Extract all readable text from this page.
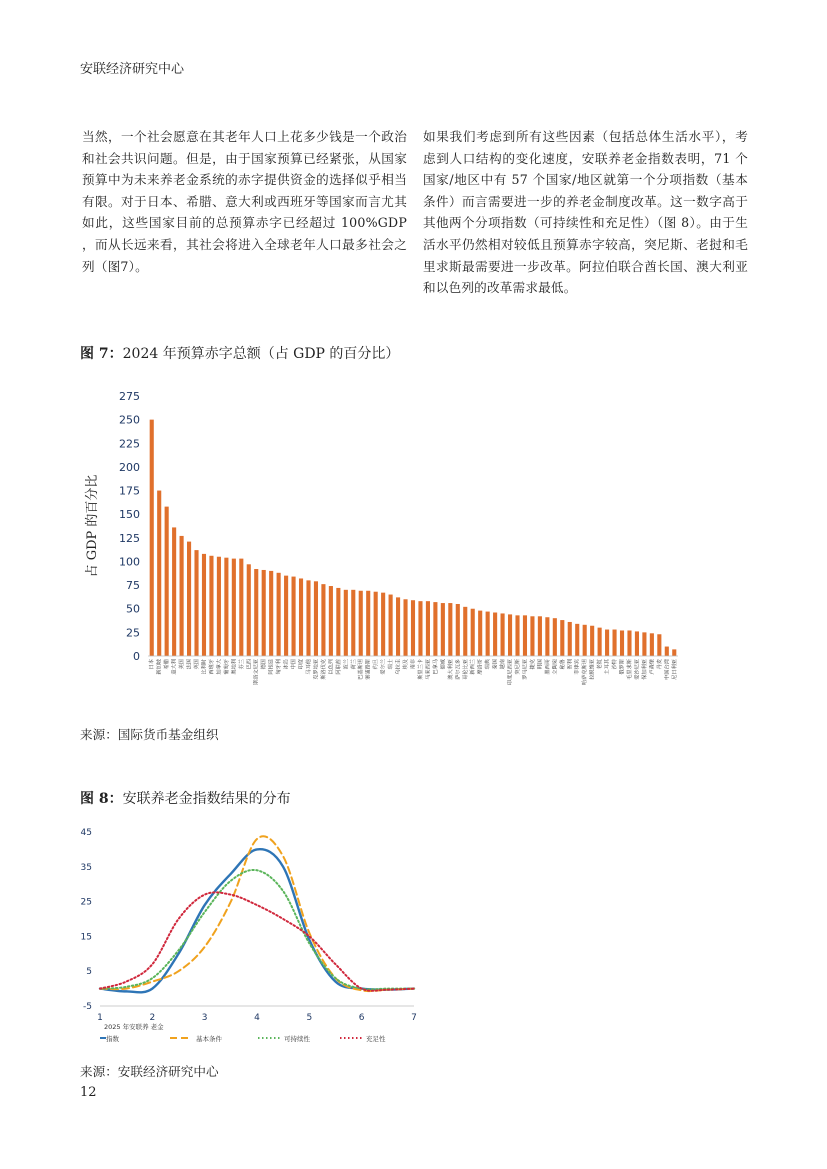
安联经济研究中心
当然，一个社会愿意在其老年人口上花多少钱是一个政治和社会共识问题。但是，由于国家预算已经紧张，从国家预算中为未来养老金系统的赤字提供资金的选择似乎相当有限。对于日本、希腊、意大利或西班牙等国家而言尤其如此，这些国家目前的总预算赤字已经超过 100%GDP ，而从长远来看，其社会将进入全球老年人口最多社会之列（图7）。
如果我们考虑到所有这些因素（包括总体生活水平），考虑到人口结构的变化速度，安联养老金指数表明，71 个国家/地区中有 57 个国家/地区就第一个分项指数（基本条件）而言需要进一步的养老金制度改革。这一数字高于其他两个分项指数（可持续性和充足性）（图 8）。由于生活水平仍然相对较低且预算赤字较高，突尼斯、老挝和毛里求斯最需要进一步改革。阿拉伯联合酋长国、澳大利亚和以色列的改革需求最低。
图 7：2024 年预算赤字总额（占 GDP 的百分比）
0
25
50
75
100
125
150
175
200
225
250
275
占 GDP 的百分比
日本 新加坡 希腊 意大利 美国 法国 英国 比利时 西班牙 加拿大 葡萄牙 奥地利 芬兰 巴西 斯洛文尼亚 德国 阿根廷 匈牙利 冰岛 中国 印度 马耳他 克罗地亚 斯洛伐克 以色列 阿联酋 波兰 荷兰 巴基斯坦 塞浦路斯 约旦 爱尔兰 瑞士 乌拉圭 埃及 南非 斯里兰卡 马来西亚 巴拿马 挪威 澳大利亚 萨尔瓦多 哥伦比亚 新西兰 摩洛哥 瑞典 泰国 越南 印度尼西亚 突尼斯 罗马尼亚 捷克 韩国 墨西哥 立陶宛 秘鲁 智利 菲律宾 哈萨克斯坦 拉脱维亚 老挝 土耳其 沙特 俄罗斯 毛里求斯 爱沙尼亚 保加利亚 卢森堡 丹麦 中国台湾 尼日利亚
来源：国际货币基金组织
图 8：安联养老金指数结果的分布
-5
5
15
25
35
45
1	2	3	4	5	6	7
2025 年安联养 老金
指数	基本条件	可持续性	充足性
来源：安联经济研究中心
12
